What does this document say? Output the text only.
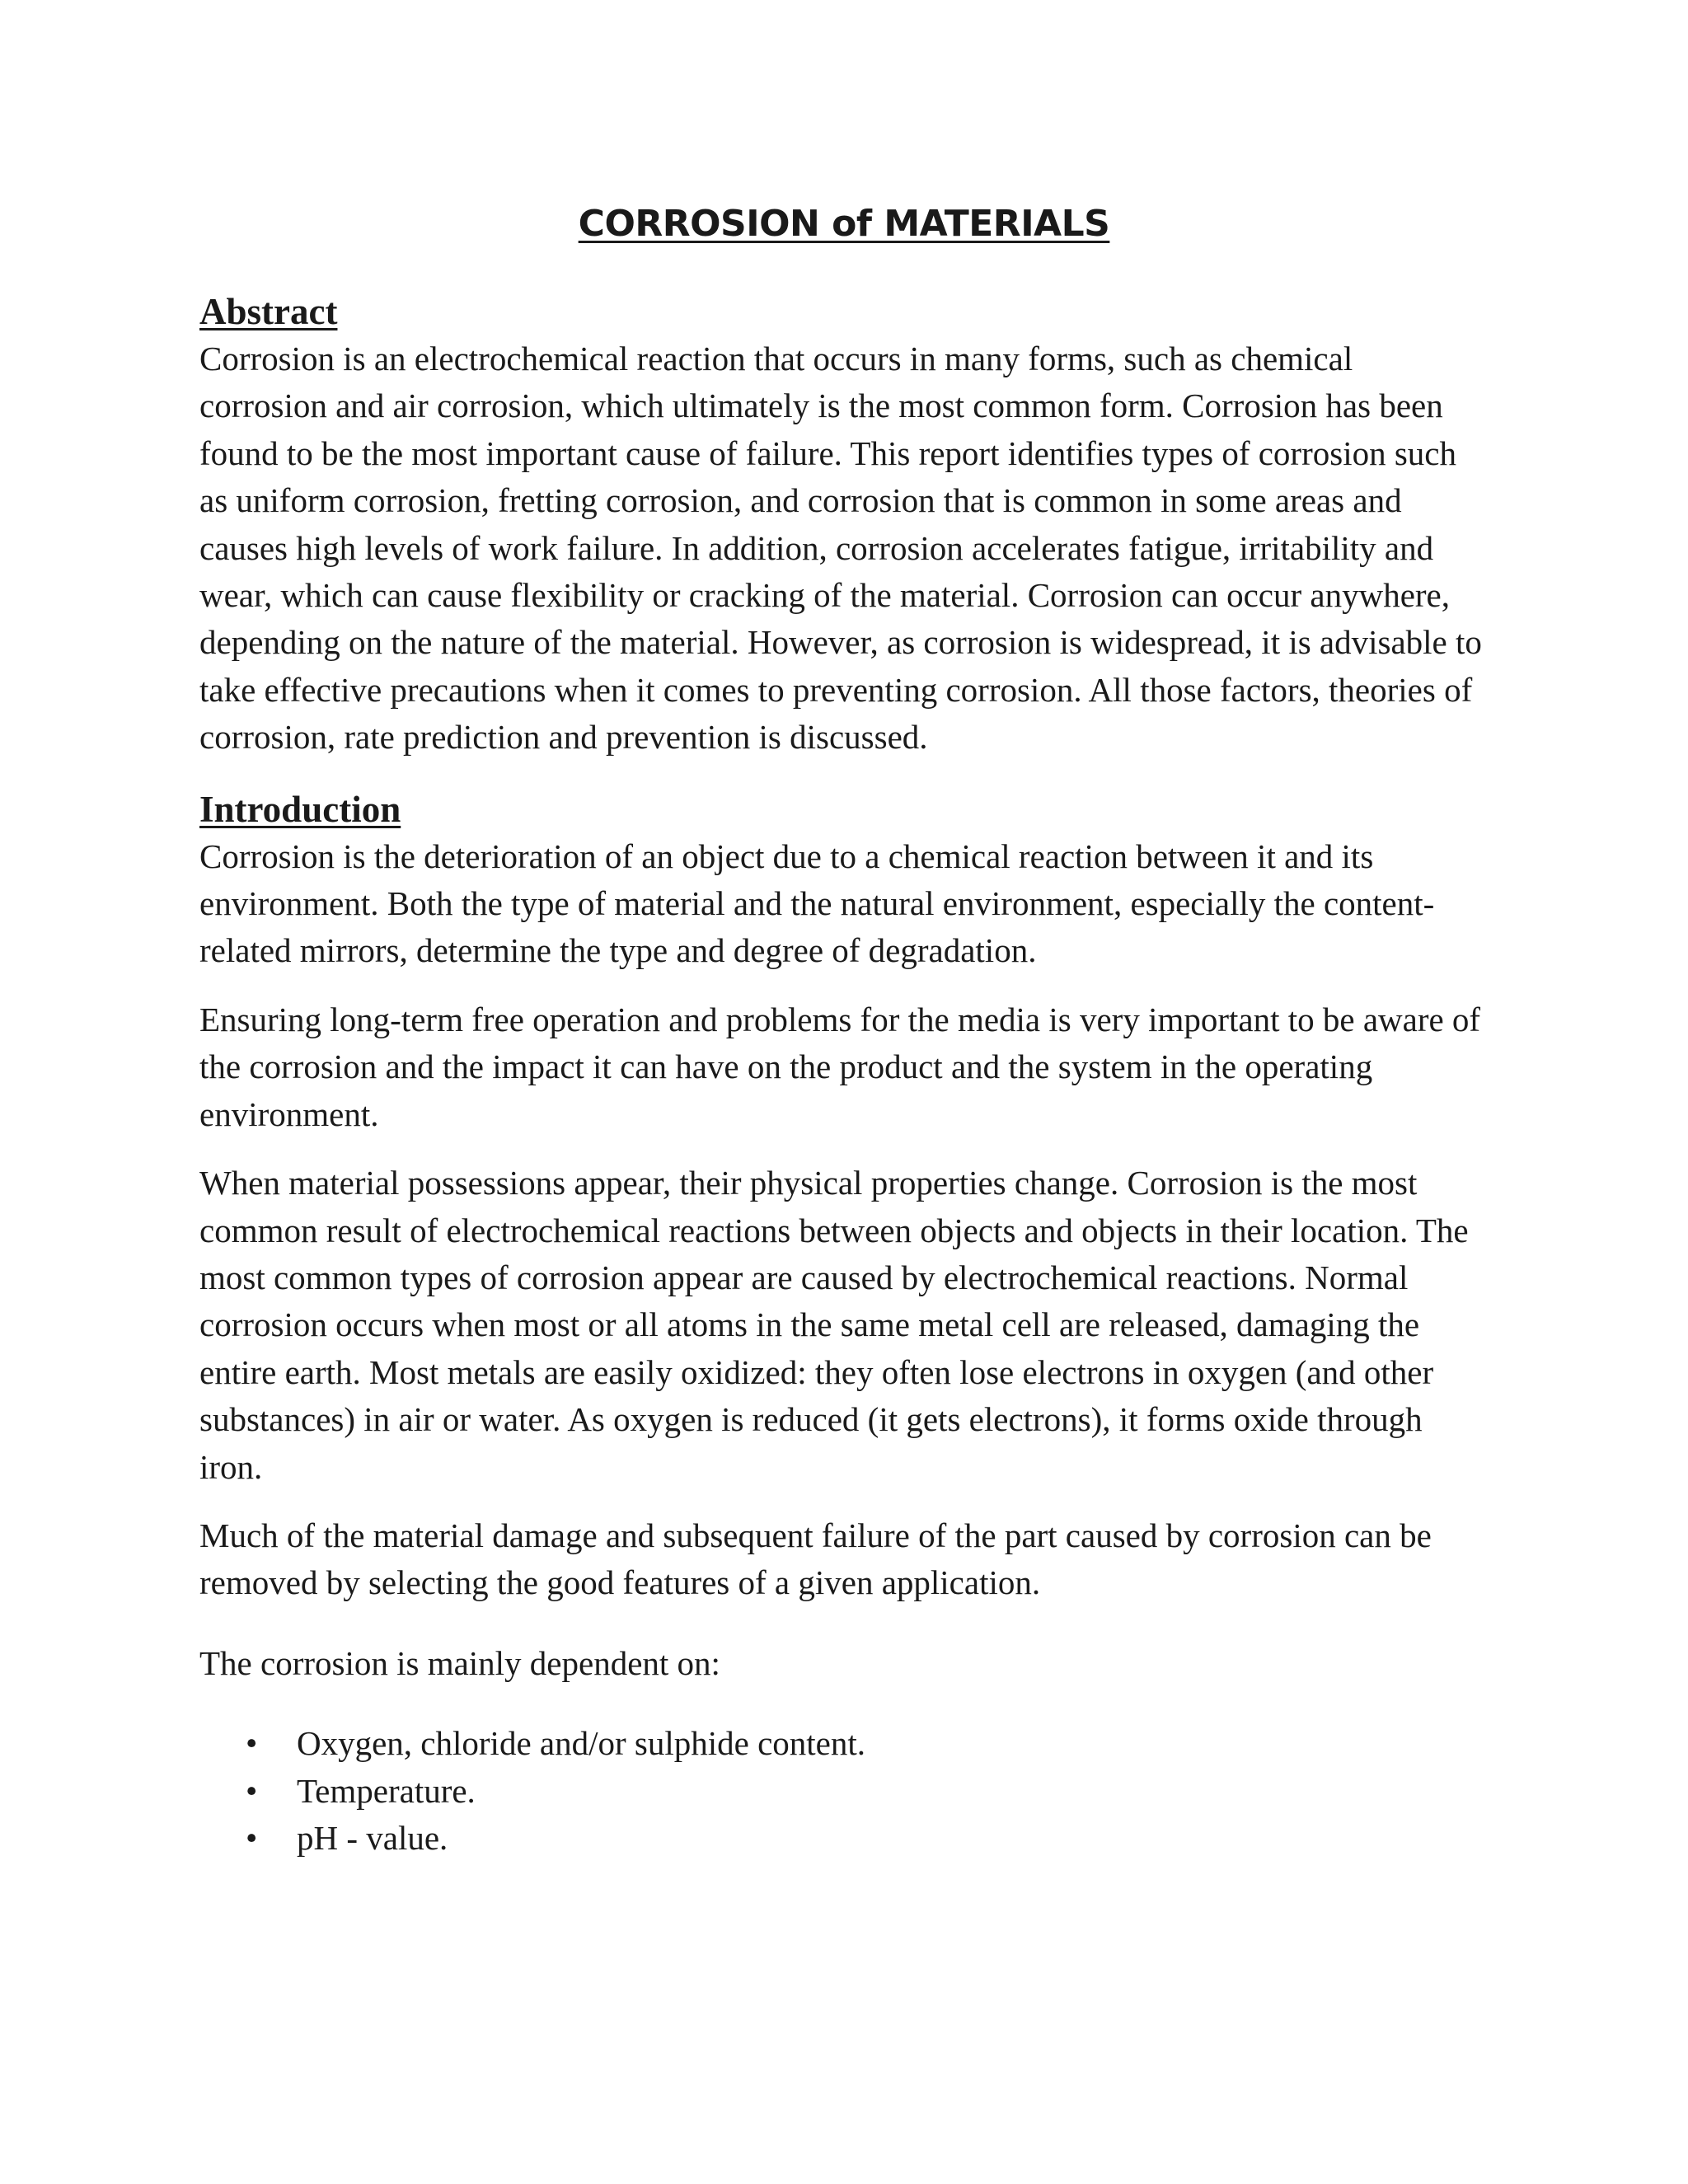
CORROSION of MATERIALS
Abstract

Corrosion is an electrochemical reaction that occurs in many forms, such as chemical corrosion and air corrosion, which ultimately is the most common form. Corrosion has been found to be the most important cause of failure. This report identifies types of corrosion such as uniform corrosion, fretting corrosion, and corrosion that is common in some areas and causes high levels of work failure. In addition, corrosion accelerates fatigue, irritability and wear, which can cause flexibility or cracking of the material. Corrosion can occur anywhere, depending on the nature of the material. However, as corrosion is widespread, it is advisable to take effective precautions when it comes to preventing corrosion. All those factors, theories of corrosion, rate prediction and prevention is discussed.

Introduction

Corrosion is the deterioration of an object due to a chemical reaction between it and its environment. Both the type of material and the natural environment, especially the content-related mirrors, determine the type and degree of degradation.

Ensuring long-term free operation and problems for the media is very important to be aware of the corrosion and the impact it can have on the product and the system in the operating environment.

When material possessions appear, their physical properties change. Corrosion is the most common result of electrochemical reactions between objects and objects in their location. The most common types of corrosion appear are caused by electrochemical reactions. Normal corrosion occurs when most or all atoms in the same metal cell are released, damaging the entire earth. Most metals are easily oxidized: they often lose electrons in oxygen (and other substances) in air or water. As oxygen is reduced (it gets electrons), it forms oxide through iron.

Much of the material damage and subsequent failure of the part caused by corrosion can be removed by selecting the good features of a given application.

The corrosion is mainly dependent on:

• Oxygen, chloride and/or sulphide content.
• Temperature.
• pH - value.
